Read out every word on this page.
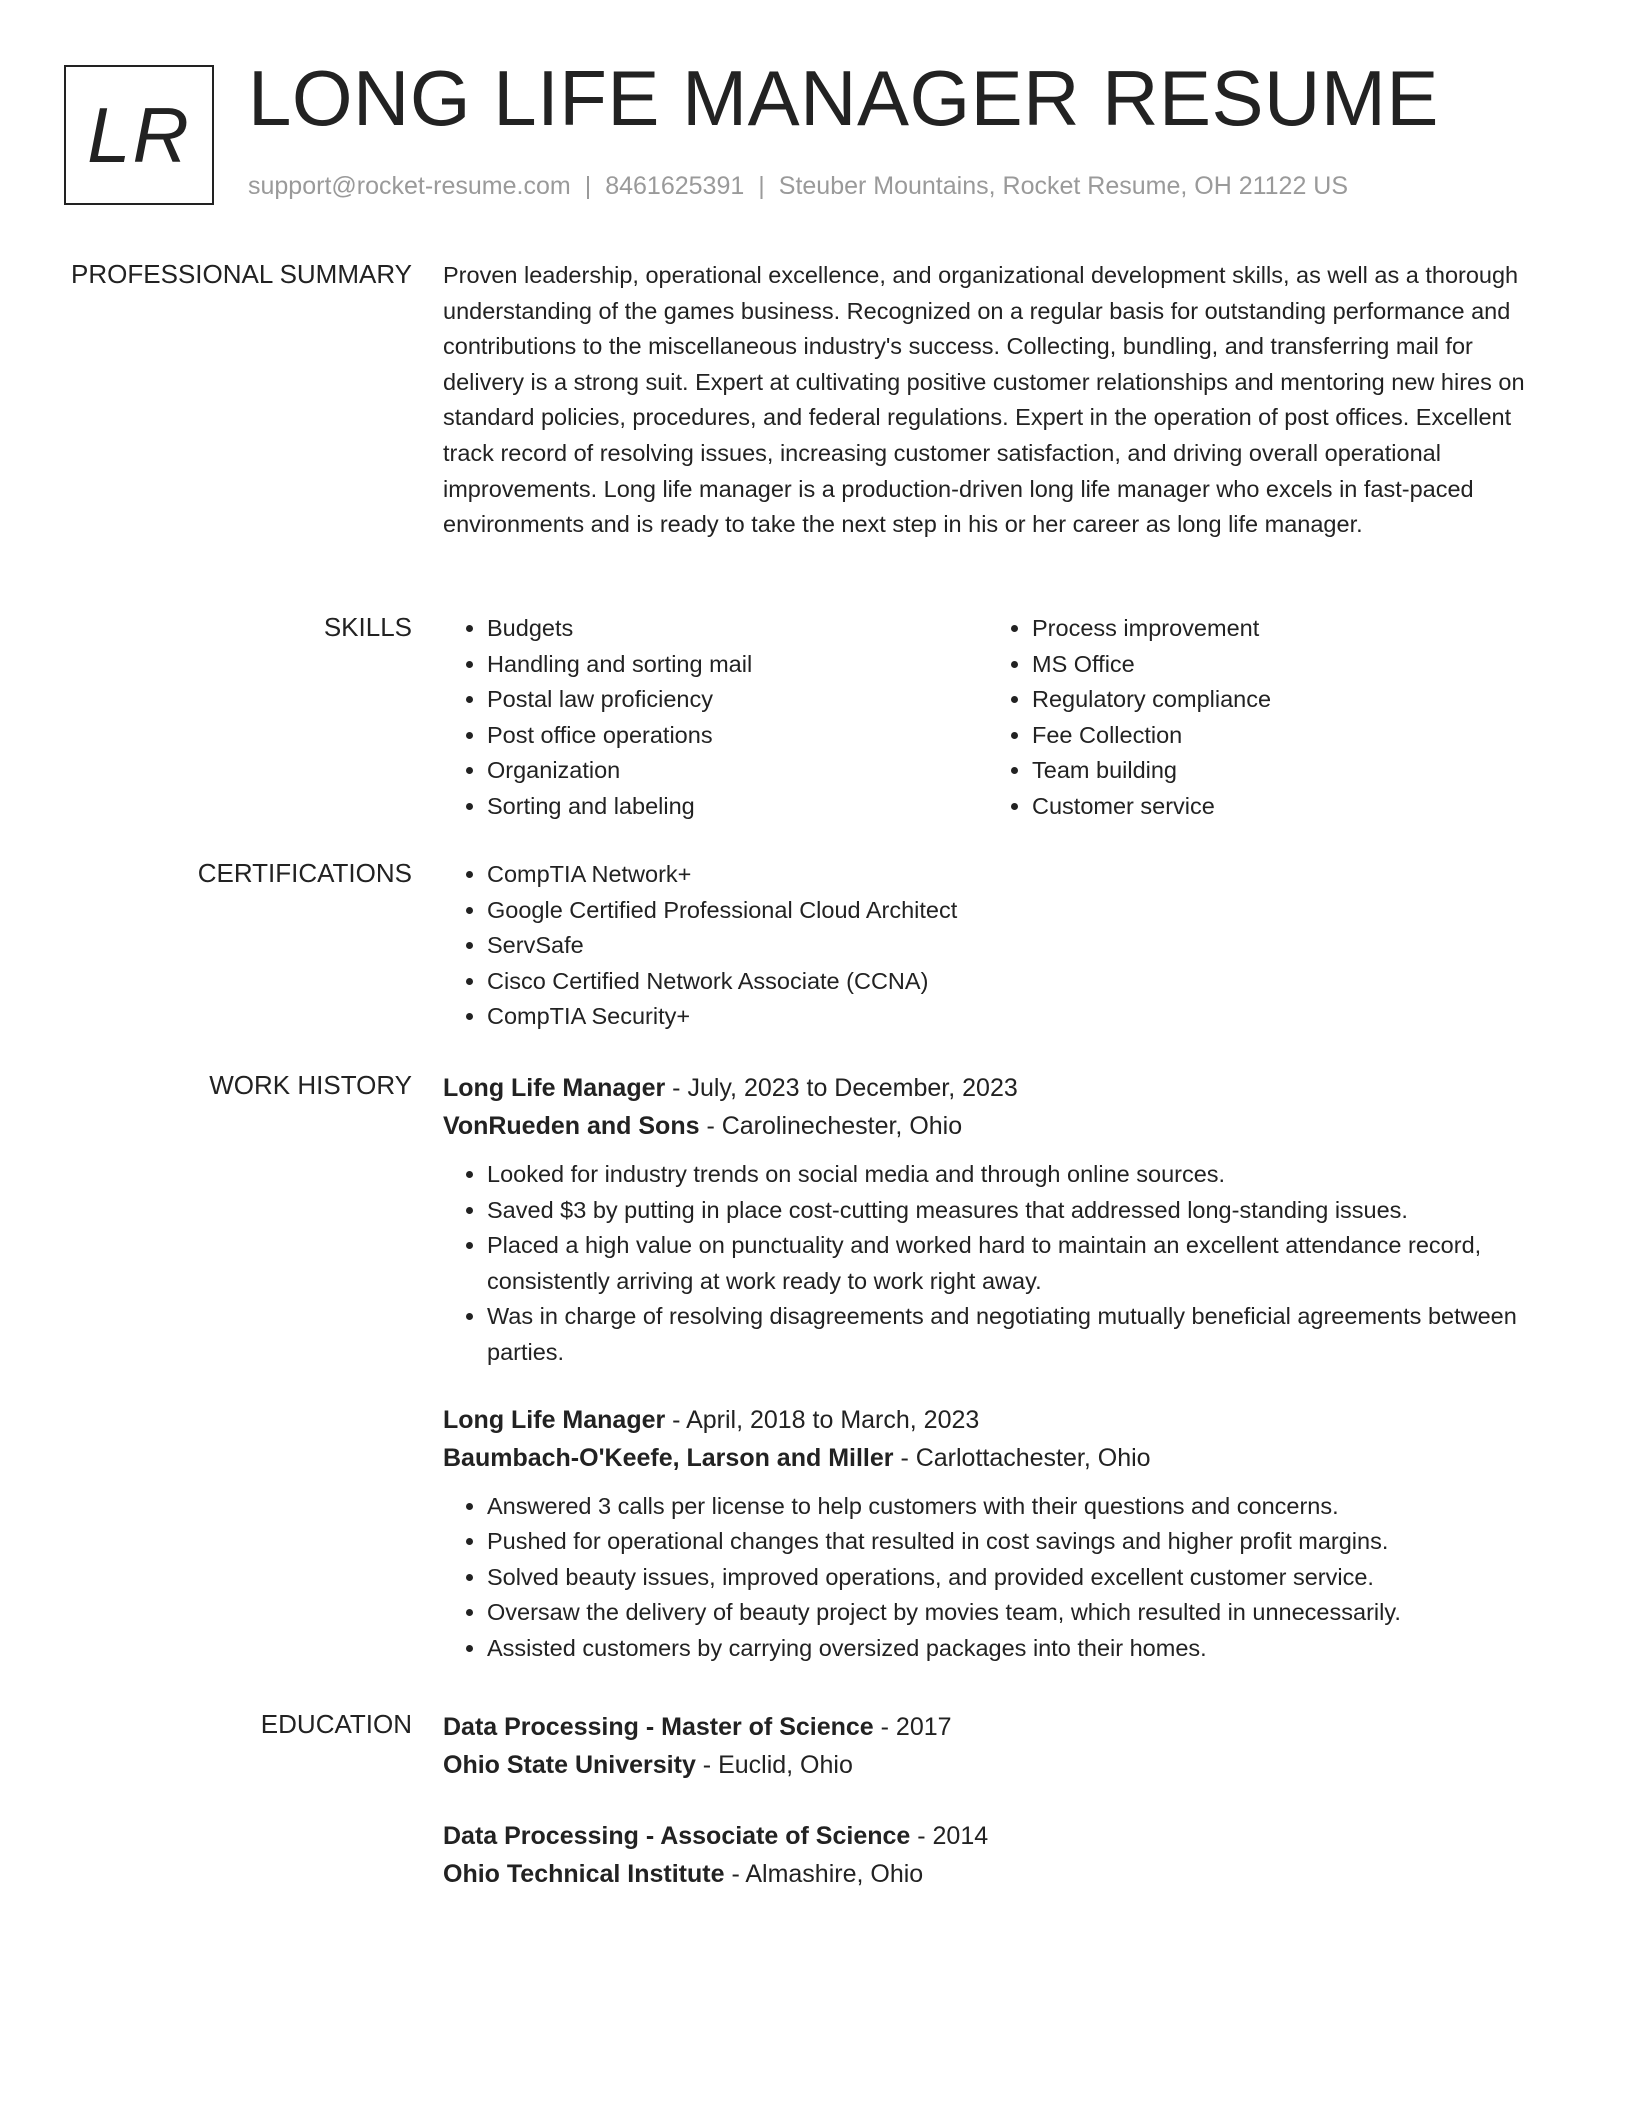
LR LONG LIFE MANAGER RESUME
support@rocket-resume.com | 8461625391 | Steuber Mountains, Rocket Resume, OH 21122 US
PROFESSIONAL SUMMARY Proven leadership, operational excellence, and organizational development skills, as well as a thorough understanding of the games business. Recognized on a regular basis for outstanding performance and contributions to the miscellaneous industry's success. Collecting, bundling, and transferring mail for delivery is a strong suit. Expert at cultivating positive customer relationships and mentoring new hires on standard policies, procedures, and federal regulations. Expert in the operation of post offices. Excellent track record of resolving issues, increasing customer satisfaction, and driving overall operational improvements. Long life manager is a production-driven long life manager who excels in fast-paced environments and is ready to take the next step in his or her career as long life manager.

SKILLS	• Budgets
• Handling and sorting mail
• Postal law proficiency
• Post office operations
• Organization
• Sorting and labeling
• Process improvement
• MS Office
• Regulatory compliance
• Fee Collection
• Team building
• Customer service
CERTIFICATIONS	• CompTIA Network+
• Google Certified Professional Cloud Architect
• ServSafe
• Cisco Certified Network Associate (CCNA)
• CompTIA Security+
WORK HISTORY Long Life Manager - July, 2023 to December, 2023
VonRueden and Sons - Carolinechester, Ohio
• Looked for industry trends on social media and through online sources.
• Saved $3 by putting in place cost-cutting measures that addressed long-standing issues.
• Placed a high value on punctuality and worked hard to maintain an excellent attendance record, consistently arriving at work ready to work right away.
• Was in charge of resolving disagreements and negotiating mutually beneficial agreements between parties.
Long Life Manager - April, 2018 to March, 2023
Baumbach-O'Keefe, Larson and Miller - Carlottachester, Ohio
• Answered 3 calls per license to help customers with their questions and concerns.
• Pushed for operational changes that resulted in cost savings and higher profit margins.
• Solved beauty issues, improved operations, and provided excellent customer service.
• Oversaw the delivery of beauty project by movies team, which resulted in unnecessarily.
• Assisted customers by carrying oversized packages into their homes.
EDUCATION Data Processing - Master of Science - 2017
Ohio State University - Euclid, Ohio
Data Processing - Associate of Science - 2014
Ohio Technical Institute - Almashire, Ohio
